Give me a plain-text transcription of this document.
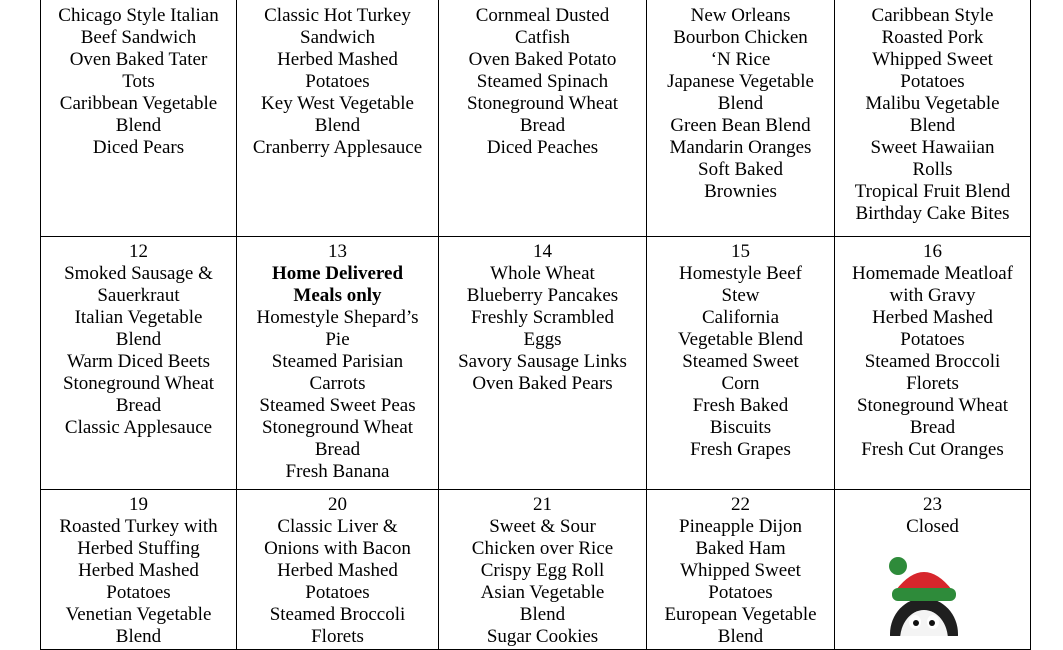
Chicago Style Italian
Beef Sandwich
Oven Baked Tater
Tots
Caribbean Vegetable
Blend
Diced Pears
Classic Hot Turkey
Sandwich
Herbed Mashed
Potatoes
Key West Vegetable
Blend
Cranberry Applesauce
Cornmeal Dusted
Catfish
Oven Baked Potato
Steamed Spinach
Stoneground Wheat
Bread
Diced Peaches
New Orleans
Bourbon Chicken
‘N Rice
Japanese Vegetable
Blend
Green Bean Blend
Mandarin Oranges
Soft Baked
Brownies
Caribbean Style
Roasted Pork
Whipped Sweet
Potatoes
Malibu Vegetable
Blend
Sweet Hawaiian
Rolls
Tropical Fruit Blend
Birthday Cake Bites
12
Smoked Sausage &
Sauerkraut
Italian Vegetable
Blend
Warm Diced Beets
Stoneground Wheat
Bread
Classic Applesauce
13
Home Delivered
Meals only
Homestyle Shepard’s
Pie
Steamed Parisian
Carrots
Steamed Sweet Peas
Stoneground Wheat
Bread
Fresh Banana
14
Whole Wheat
Blueberry Pancakes
Freshly Scrambled
Eggs
Savory Sausage Links
Oven Baked Pears
15
Homestyle Beef
Stew
California
Vegetable Blend
Steamed Sweet
Corn
Fresh Baked
Biscuits
Fresh Grapes
16
Homemade Meatloaf
with Gravy
Herbed Mashed
Potatoes
Steamed Broccoli
Florets
Stoneground Wheat
Bread
Fresh Cut Oranges
19
Roasted Turkey with
Herbed Stuffing
Herbed Mashed
Potatoes
Venetian Vegetable
Blend
20
Classic Liver &
Onions with Bacon
Herbed Mashed
Potatoes
Steamed Broccoli
Florets
21
Sweet & Sour
Chicken over Rice
Crispy Egg Roll
Asian Vegetable
Blend
Sugar Cookies
22
Pineapple Dijon
Baked Ham
Whipped Sweet
Potatoes
European Vegetable
Blend
23
Closed
